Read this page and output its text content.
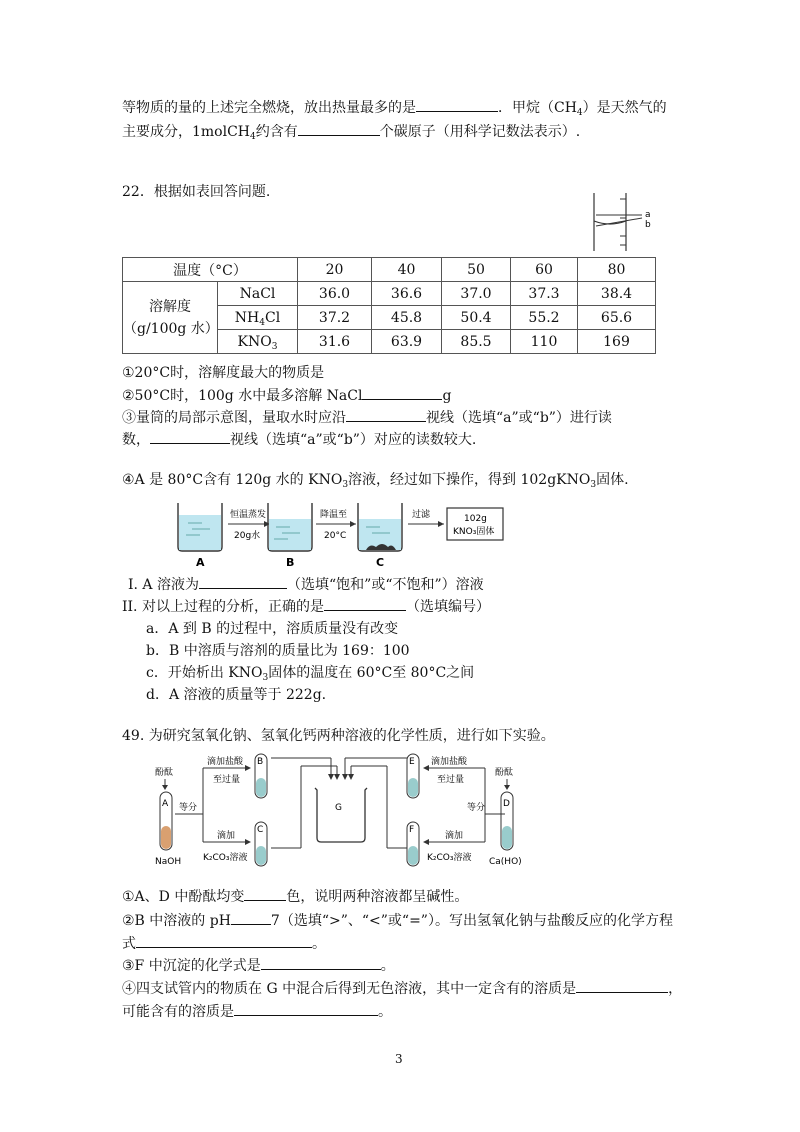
等物质的量的上述完全燃烧，放出热量最多的是	．甲烷$(CH_4)$是天然气的
主要成分，1molCH$_4$约含有	个碳原子（用科学记数法表示）.
22．根据如表回答问题.
a
b
温度（°C）		20	40	50	60	80
溶解度
（g/100g 水）	NaCl	36.0	36.6	37.0	37.3	38.4
	$NH_4Cl$	37.2	45.8	50.4	55.2	65.6
	$KNO_3$	31.6	63.9	85.5	110	169
①20°C时，溶解度最大的物质是
②50°C时，100g 水中最多溶解 NaCl	g
③量筒的局部示意图，量取水时应沿	视线（选填“a”或“b”）进行读
数，	视线（选填“a”或“b”）对应的读数较大.
④A 是 80°C含有 120g 水的 $KNO_3$溶液，经过如下操作，得到 102gKNO$_3$固体.
恒温蒸发
20g水
降温至
20°C
过滤	102g
KNO₃固体
A	B	C
I. A 溶液为	（选填“饱和”或“不饱和”）溶液
II. 对以上过程的分析，正确的是	（选填编号）
a．A 到 B 的过程中，溶质质量没有改变
b．B 中溶质与溶剂的质量比为 169：100
c．开始析出 $KNO_3$固体的温度在 60°C至 80°C之间
d．A 溶液的质量等于 222g.
49. 为研究氢氧化钠、氢氧化钙两种溶液的化学性质，进行如下实验。
酚酞
A
NaOH
等分
滴加盐酸
至过量
滴加
K₂CO₃溶液
B
C
G
E
F
滴加盐酸
至过量
滴加
K₂CO₃溶液
等分
酚酞
D
Ca(HO)
①A、D 中酚酞均变	色，说明两种溶液都呈碱性。
②B 中溶液的 pH	7（选填“>”、“<”或“=”）。写出氢氧化钠与盐酸反应的化学方程
式	。
③F 中沉淀的化学式是	。
④四支试管内的物质在 G 中混合后得到无色溶液，其中一定含有的溶质是	，
可能含有的溶质是	。
3
